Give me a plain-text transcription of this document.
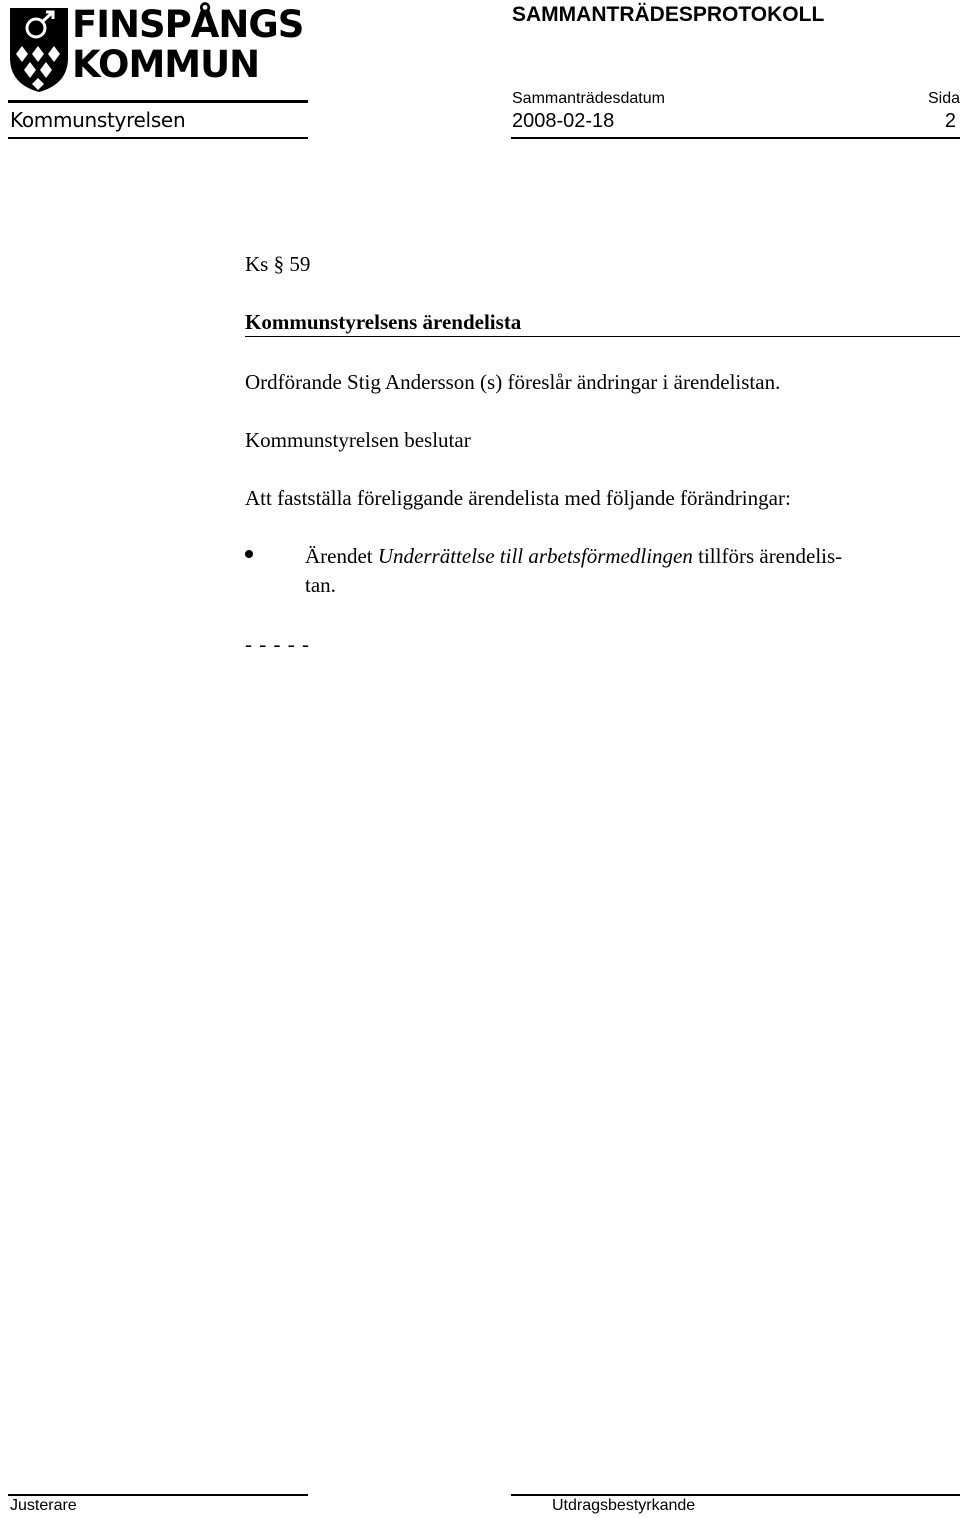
FINSPÅNGS
KOMMUN
Kommunstyrelsen
SAMMANTRÄDESPROTOKOLL
Sammanträdesdatum	Sida
2008-02-18	2
Ks § 59
Kommunstyrelsens ärendelista
Ordförande Stig Andersson (s) föreslår ändringar i ärendelistan.
Kommunstyrelsen beslutar
Att fastställa föreliggande ärendelista med följande förändringar:
Ärendet Underrättelse till arbetsförmedlingen tillförs ärendelis-
tan.
- - - - -
Justerare	Utdragsbestyrkande
